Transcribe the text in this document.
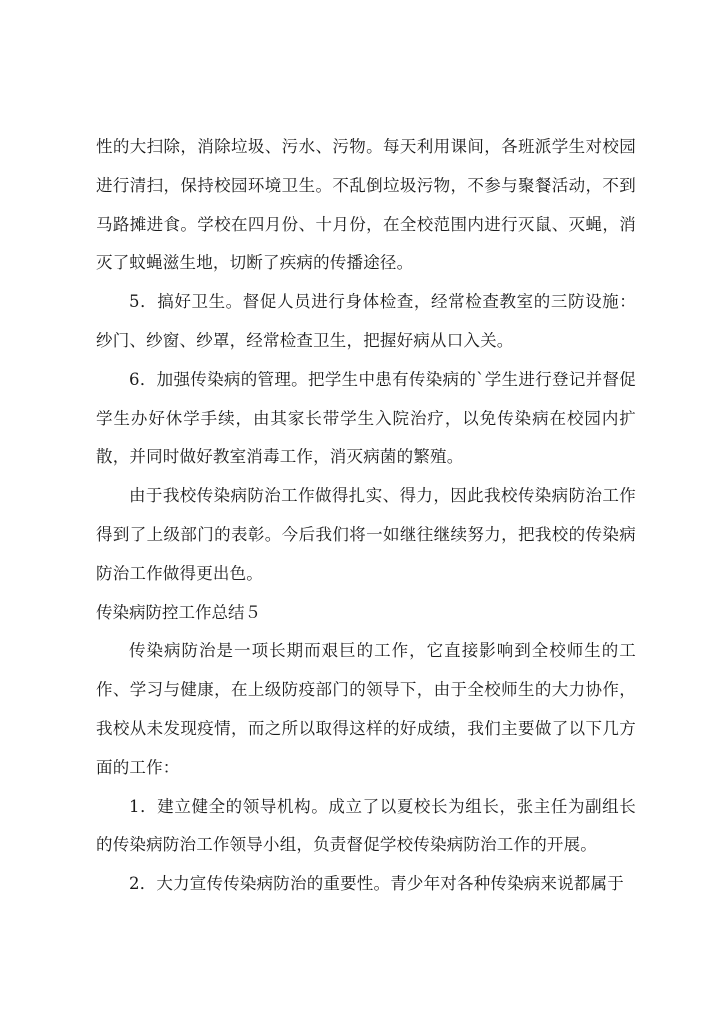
性的大扫除，消除垃圾、污水、污物。每天利用课间，各班派学生对校园进行清扫，保持校园环境卫生。不乱倒垃圾污物，不参与聚餐活动，不到马路摊进食。学校在四月份、十月份，在全校范围内进行灭鼠、灭蝇，消灭了蚊蝇滋生地，切断了疾病的传播途径。

5．搞好卫生。督促人员进行身体检查，经常检查教室的三防设施：纱门、纱窗、纱罩，经常检查卫生，把握好病从口入关。

6．加强传染病的管理。把学生中患有传染病的`学生进行登记并督促学生办好休学手续，由其家长带学生入院治疗，以免传染病在校园内扩散，并同时做好教室消毒工作，消灭病菌的繁殖。

由于我校传染病防治工作做得扎实、得力，因此我校传染病防治工作得到了上级部门的表彰。今后我们将一如继往继续努力，把我校的传染病防治工作做得更出色。

传染病防控工作总结５

传染病防治是一项长期而艰巨的工作，它直接影响到全校师生的工作、学习与健康，在上级防疫部门的领导下，由于全校师生的大力协作，我校从未发现疫情，而之所以取得这样的好成绩，我们主要做了以下几方面的工作：

1．建立健全的领导机构。成立了以夏校长为组长，张主任为副组长的传染病防治工作领导小组，负责督促学校传染病防治工作的开展。

2．大力宣传传染病防治的重要性。青少年对各种传染病来说都属于
